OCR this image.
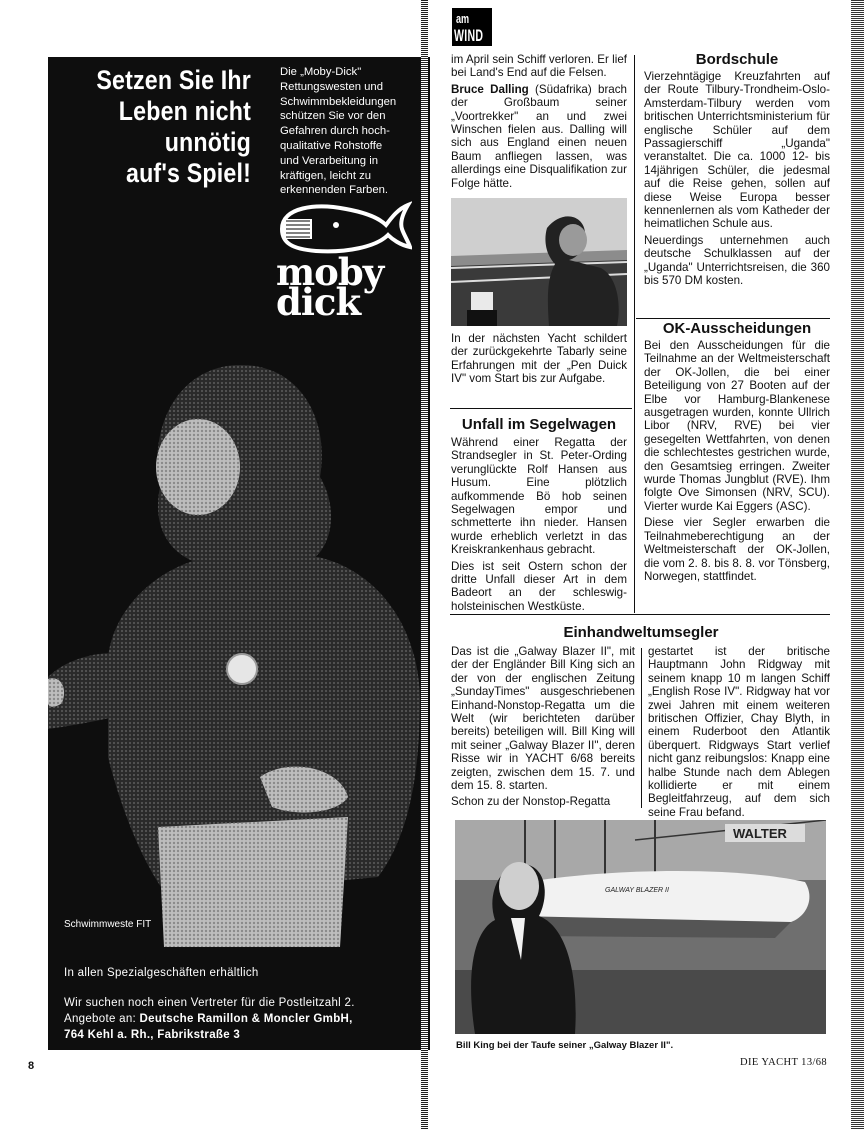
Setzen Sie Ihr
Leben nicht
unnötig
auf's Spiel!
Die „Moby-Dick"
Rettungswesten und
Schwimmbekleidungen
schützen Sie vor den
Gefahren durch hoch-
qualitative Rohstoffe
und Verarbeitung in
kräftigen, leicht zu
erkennenden Farben.
moby
dick
Schwimmweste FIT
In allen Spezialgeschäften erhältlich
Wir suchen noch einen Vertreter für die Postleitzahl 2.
Angebote an: Deutsche Ramillon & Moncler GmbH,
764 Kehl a. Rh., Fabrikstraße 3
am
WIND

im April sein Schiff verloren. Er lief bei Land's End auf die Felsen.

Bruce Dalling (Südafrika) brach der Großbaum seiner „Voortrekker" an und zwei Winschen fielen aus. Dalling will sich aus England einen neuen Baum anfliegen lassen, was allerdings eine Disqualifikation zur Folge hätte.

In der nächsten Yacht schildert der zurückgekehrte Tabarly seine Erfahrungen mit der „Pen Duick IV" vom Start bis zur Aufgabe.

Unfall im Segelwagen

Während einer Regatta der Strandsegler in St. Peter-Ording verunglückte Rolf Hansen aus Husum. Eine plötzlich aufkommende Bö hob seinen Segelwagen empor und schmetterte ihn nieder. Hansen wurde erheblich verletzt in das Kreiskrankenhaus gebracht.

Dies ist seit Ostern schon der dritte Unfall dieser Art in dem Badeort an der schleswig-holsteinischen Westküste.

Bordschule

Vierzehntägige Kreuzfahrten auf der Route Tilbury-Trondheim-Oslo-Amsterdam-Tilbury werden vom britischen Unterrichtsministerium für englische Schüler auf dem Passagierschiff „Uganda" veranstaltet. Die ca. 1000 12- bis 14jährigen Schüler, die jedesmal auf die Reise gehen, sollen auf diese Weise Europa besser kennenlernen als vom Katheder der heimatlichen Schule aus.

Neuerdings unternehmen auch deutsche Schulklassen auf der „Uganda" Unterrichtsreisen, die 360 bis 570 DM kosten.

OK-Ausscheidungen

Bei den Ausscheidungen für die Teilnahme an der Weltmeisterschaft der OK-Jollen, die bei einer Beteiligung von 27 Booten auf der Elbe vor Hamburg-Blankenese ausgetragen wurden, konnte Ullrich Libor (NRV, RVE) bei vier gesegelten Wettfahrten, von denen die schlechtestes gestrichen wurde, den Gesamtsieg erringen. Zweiter wurde Thomas Jungblut (RVE). Ihm folgte Ove Simonsen (NRV, SCU). Vierter wurde Kai Eggers (ASC).

Diese vier Segler erwarben die Teilnahmeberechtigung an der Weltmeisterschaft der OK-Jollen, die vom 2. 8. bis 8. 8. vor Tönsberg, Norwegen, stattfindet.

Einhandweltumsegler

Das ist die „Galway Blazer II", mit der der Engländer Bill King sich an der von der englischen Zeitung „SundayTimes" ausgeschriebenen Einhand-Nonstop-Regatta um die Welt (wir berichteten darüber bereits) beteiligen will. Bill King will mit seiner „Galway Blazer II", deren Risse wir in YACHT 6/68 bereits zeigten, zwischen dem 15. 7. und dem 15. 8. starten.

Schon zu der Nonstop-Regatta

gestartet ist der britische Hauptmann John Ridgway mit seinem knapp 10 m langen Schiff „English Rose IV". Ridgway hat vor zwei Jahren mit einem weiteren britischen Offizier, Chay Blyth, in einem Ruderboot den Atlantik überquert. Ridgways Start verlief nicht ganz reibungslos: Knapp eine halbe Stunde nach dem Ablegen kollidierte er mit einem Begleitfahrzeug, auf dem sich seine Frau befand.

WALTER
GALWAY BLAZER II
Bill King bei der Taufe seiner „Galway Blazer II".
8	DIE YACHT 13/68
